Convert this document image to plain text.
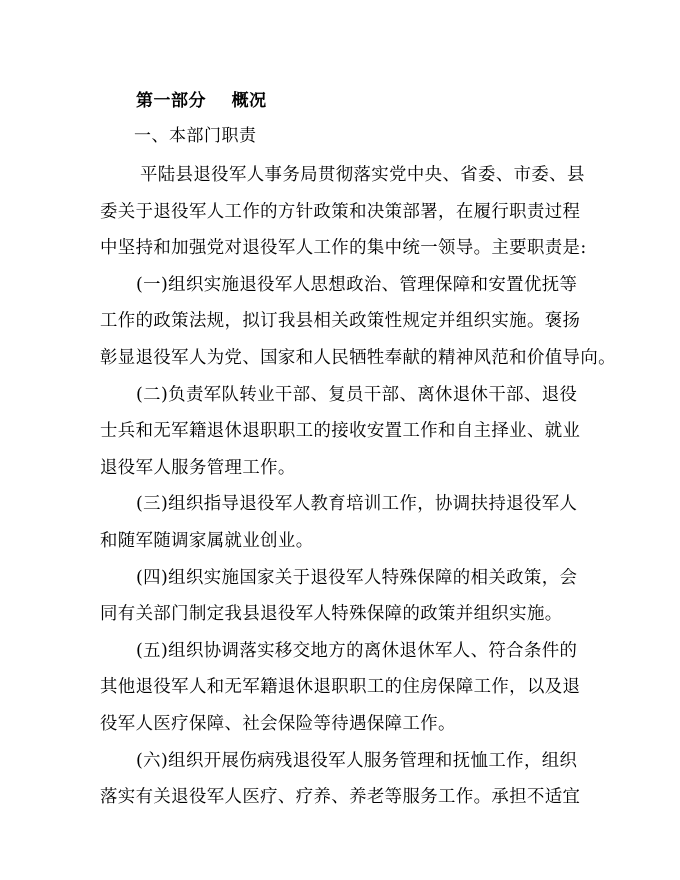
第一部分    概况
一、本部门职责
平陆县退役军人事务局贯彻落实党中央、省委、市委、县
委关于退役军人工作的方针政策和决策部署，在履行职责过程
中坚持和加强党对退役军人工作的集中统一领导。主要职责是:
(一)组织实施退役军人思想政治、管理保障和安置优抚等
工作的政策法规，拟订我县相关政策性规定并组织实施。褒扬
彰显退役军人为党、国家和人民牺牲奉献的精神风范和价值导向。
(二)负责军队转业干部、复员干部、离休退休干部、退役
士兵和无军籍退休退职职工的接收安置工作和自主择业、就业
退役军人服务管理工作。
(三)组织指导退役军人教育培训工作，协调扶持退役军人
和随军随调家属就业创业。
(四)组织实施国家关于退役军人特殊保障的相关政策，会
同有关部门制定我县退役军人特殊保障的政策并组织实施。
(五)组织协调落实移交地方的离休退休军人、符合条件的
其他退役军人和无军籍退休退职职工的住房保障工作，以及退
役军人医疗保障、社会保险等待遇保障工作。
(六)组织开展伤病残退役军人服务管理和抚恤工作，组织
落实有关退役军人医疗、疗养、养老等服务工作。承担不适宜
